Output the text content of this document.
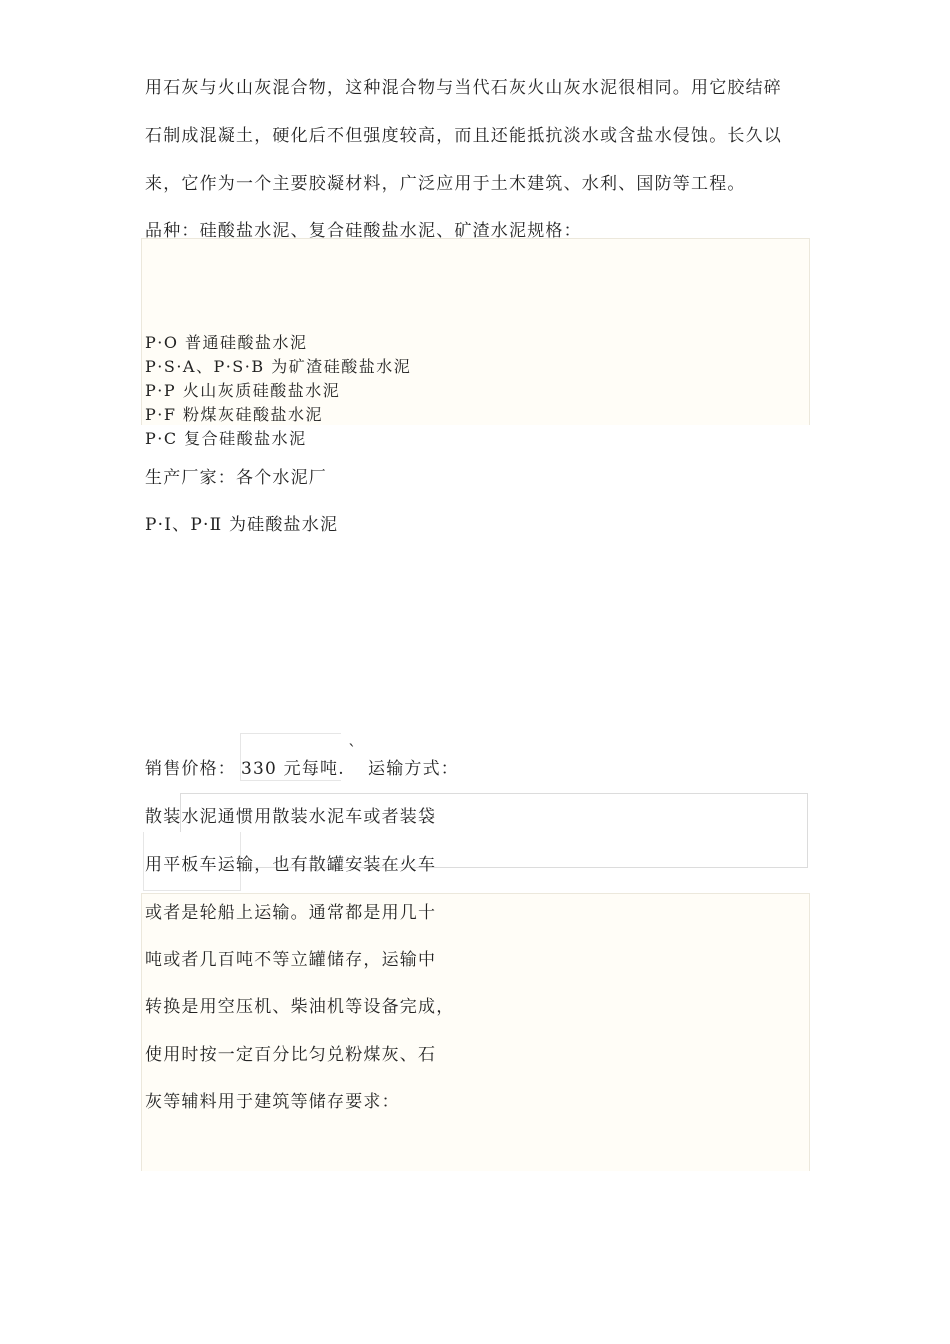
用石灰与火山灰混合物，这种混合物与当代石灰火山灰水泥很相同。用它胶结碎
石制成混凝土，硬化后不但强度较高，而且还能抵抗淡水或含盐水侵蚀。长久以
来，它作为一个主要胶凝材料，广泛应用于土木建筑、水利、国防等工程。
品种：硅酸盐水泥、复合硅酸盐水泥、矿渣水泥规格：
P·O 普通硅酸盐水泥
P·S·A、P·S·B 为矿渣硅酸盐水泥
P·P 火山灰质硅酸盐水泥
P·F 粉煤灰硅酸盐水泥
P·C 复合硅酸盐水泥
生产厂家：各个水泥厂
P·Ⅰ、P·Ⅱ 为硅酸盐水泥
销售价格： 330 元每吨.
`
运输方式：
散装水泥通惯用散装水泥车或者装袋
用平板车运输，也有散罐安装在火车
或者是轮船上运输。通常都是用几十
吨或者几百吨不等立罐储存，运输中
转换是用空压机、柴油机等设备完成，
使用时按一定百分比匀兑粉煤灰、石
灰等辅料用于建筑等储存要求：
